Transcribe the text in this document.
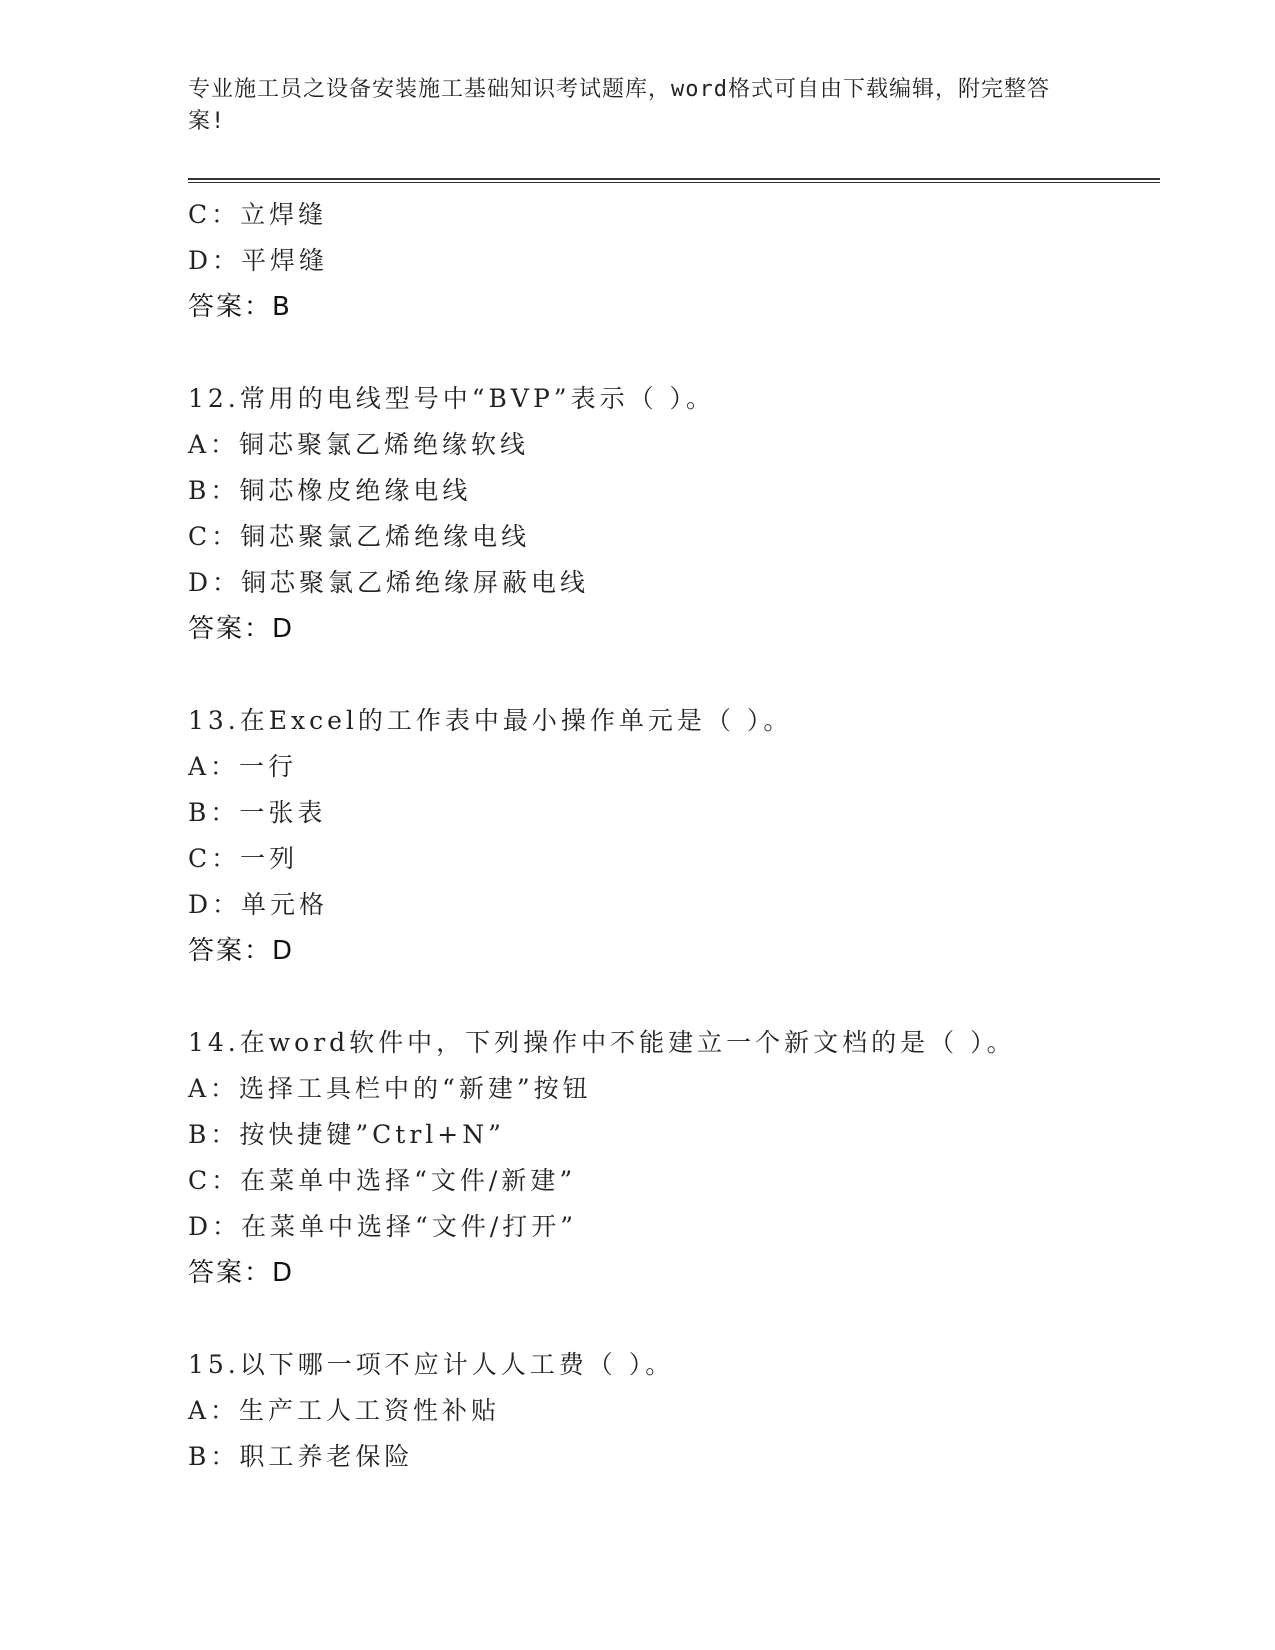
专业施工员之设备安装施工基础知识考试题库，word格式可自由下载编辑，附完整答案!
C：立焊缝
D：平焊缝
答案：B
12.常用的电线型号中“BVP”表示（ ）。
A：铜芯聚氯乙烯绝缘软线
B：铜芯橡皮绝缘电线
C：铜芯聚氯乙烯绝缘电线
D：铜芯聚氯乙烯绝缘屏蔽电线
答案：D
13.在Excel的工作表中最小操作单元是（ ）。
A：一行
B：一张表
C：一列
D：单元格
答案：D
14.在word软件中，下列操作中不能建立一个新文档的是（ ）。
A：选择工具栏中的“新建”按钮
B：按快捷键”Ctrl+N”
C：在菜单中选择“文件/新建”
D：在菜单中选择“文件/打开”
答案：D
15.以下哪一项不应计人人工费（ ）。
A：生产工人工资性补贴
B：职工养老保险
